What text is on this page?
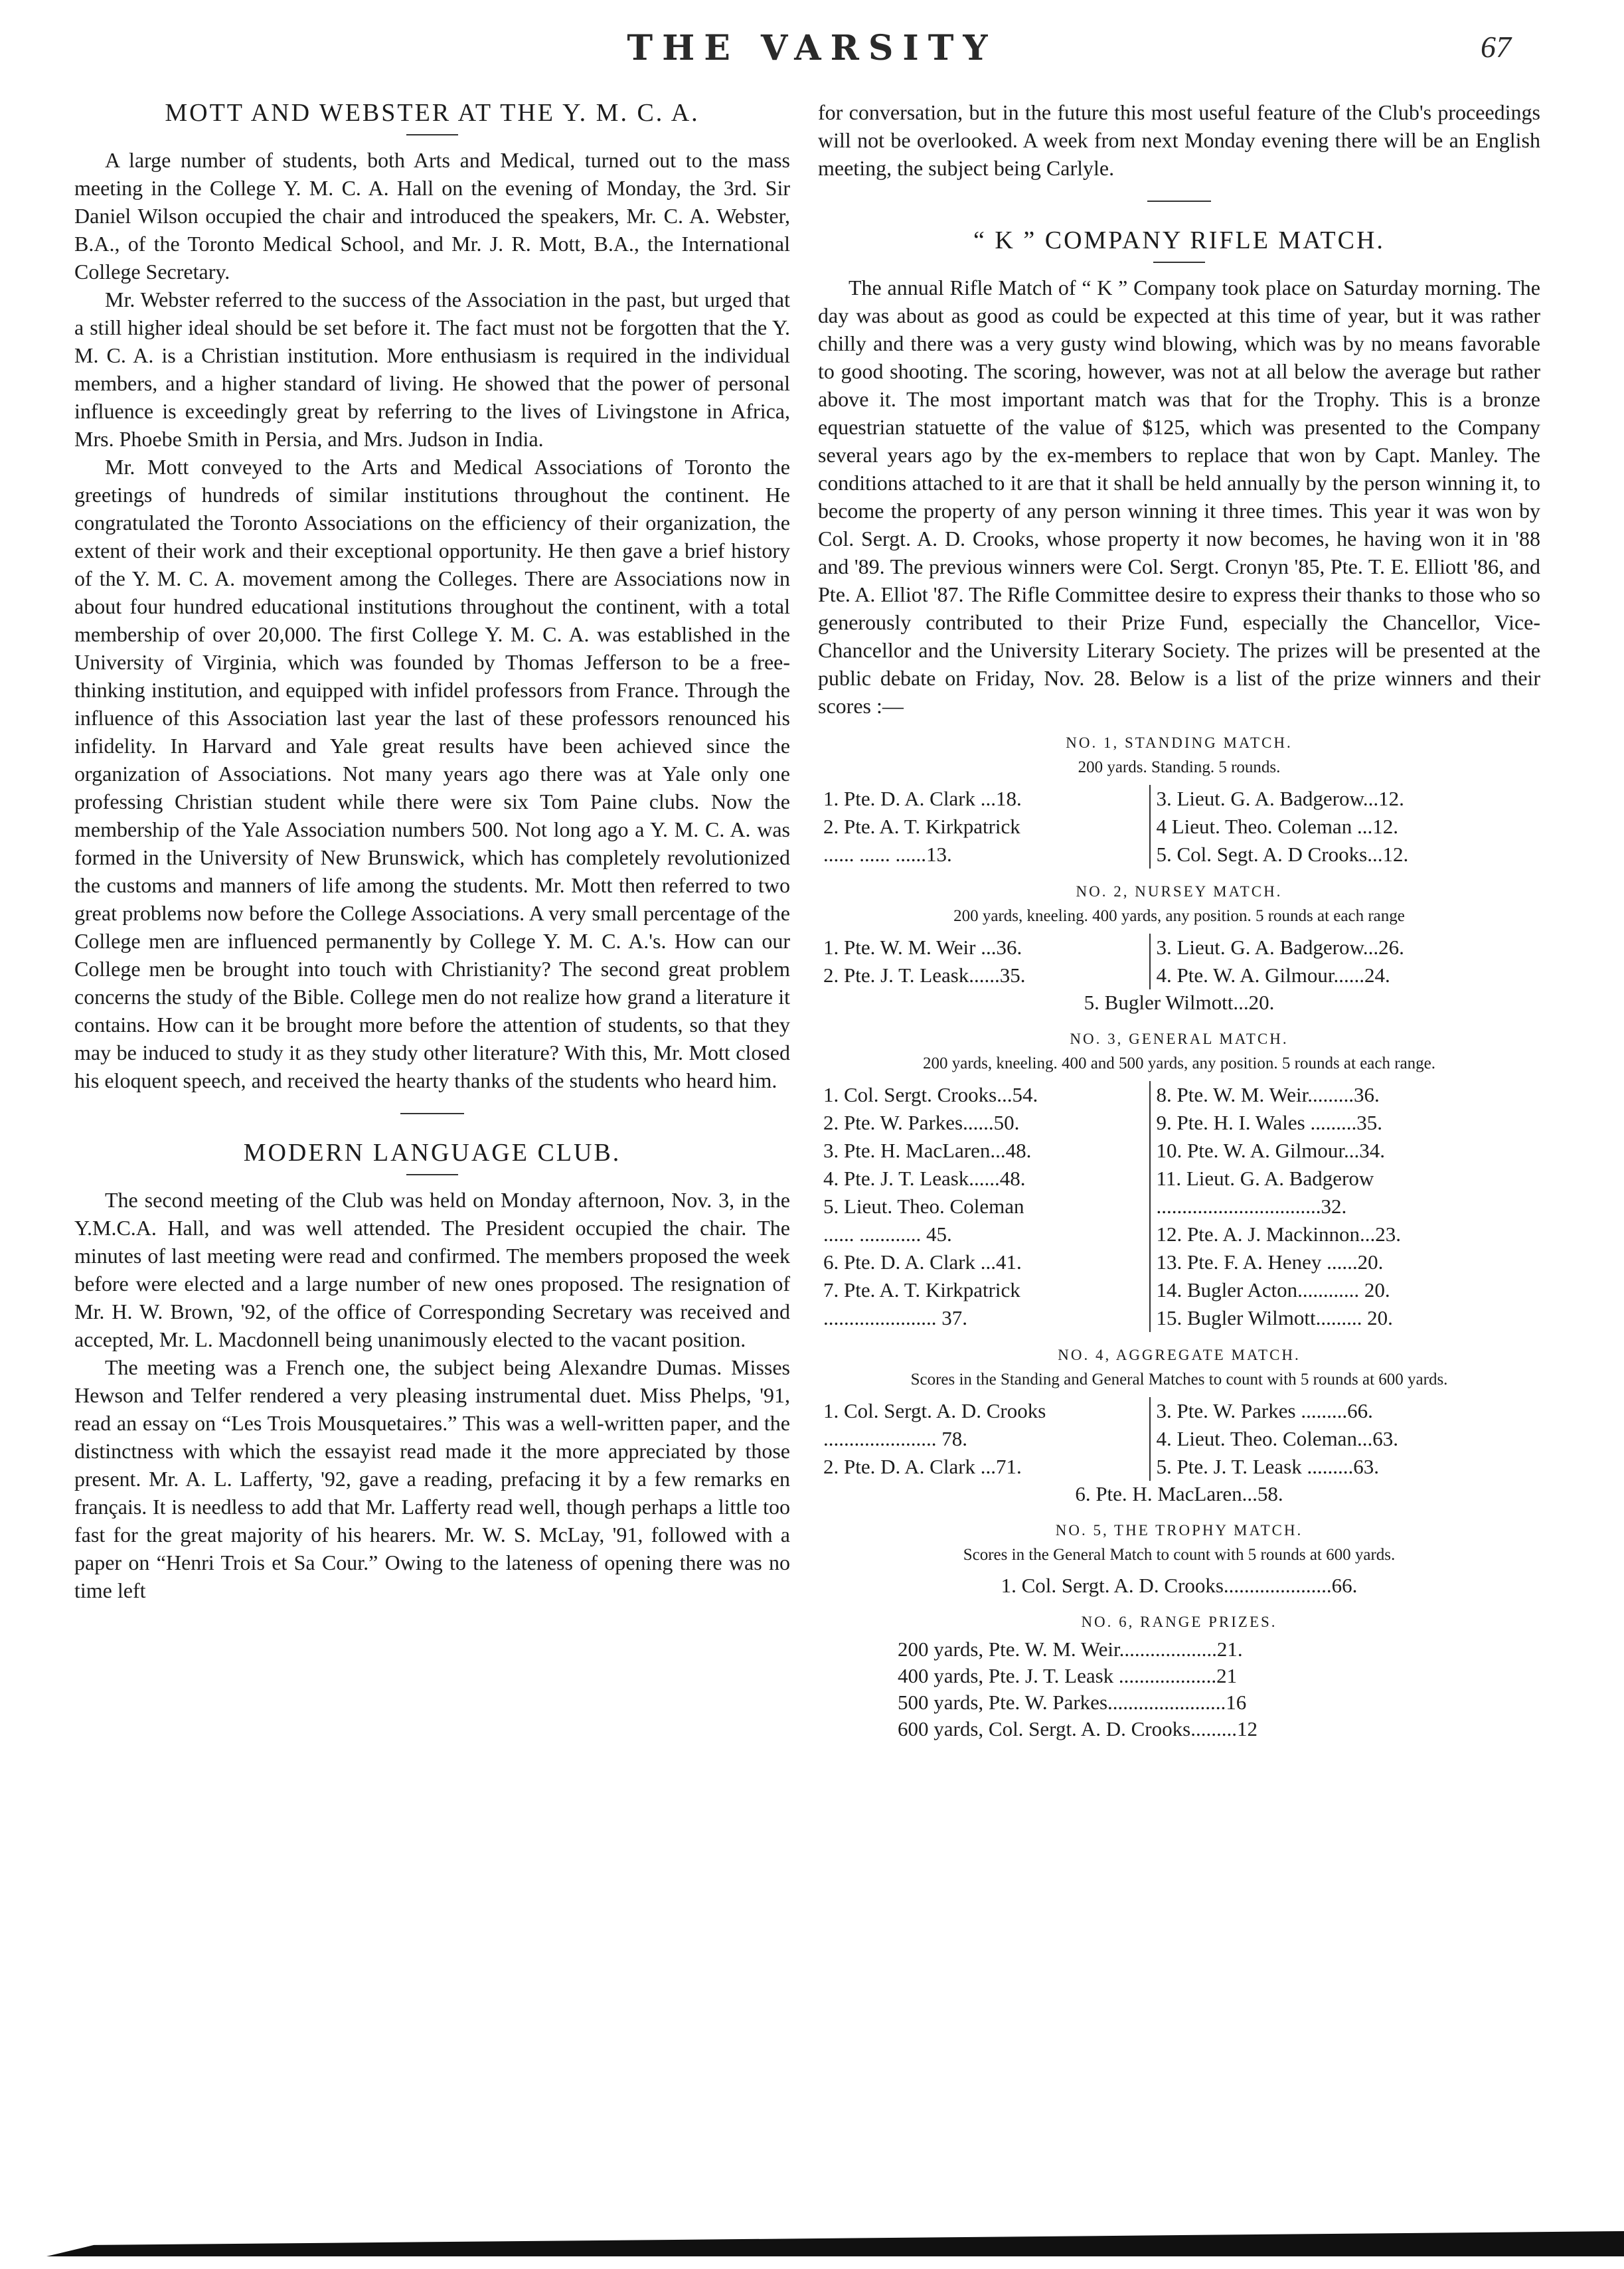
THE VARSITY	67
MOTT AND WEBSTER AT THE Y. M. C. A.

A large number of students, both Arts and Medical, turned out to the mass meeting in the College Y. M. C. A. Hall on the evening of Monday, the 3rd. Sir Daniel Wilson occupied the chair and introduced the speakers, Mr. C. A. Webster, B.A., of the Toronto Medical School, and Mr. J. R. Mott, B.A., the International College Secretary.

Mr. Webster referred to the success of the Association in the past, but urged that a still higher ideal should be set before it. The fact must not be forgotten that the Y. M. C. A. is a Christian institution. More enthusiasm is required in the individual members, and a higher standard of living. He showed that the power of personal influence is exceedingly great by referring to the lives of Livingstone in Africa, Mrs. Phoebe Smith in Persia, and Mrs. Judson in India.

Mr. Mott conveyed to the Arts and Medical Associations of Toronto the greetings of hundreds of similar institutions throughout the continent. He congratulated the Toronto Associations on the efficiency of their organization, the extent of their work and their exceptional opportunity. He then gave a brief history of the Y. M. C. A. movement among the Colleges. There are Associations now in about four hundred educational institutions throughout the continent, with a total membership of over 20,000. The first College Y. M. C. A. was established in the University of Virginia, which was founded by Thomas Jefferson to be a free-thinking institution, and equipped with infidel professors from France. Through the influence of this Association last year the last of these professors renounced his infidelity. In Harvard and Yale great results have been achieved since the organization of Associations. Not many years ago there was at Yale only one professing Christian student while there were six Tom Paine clubs. Now the membership of the Yale Association numbers 500. Not long ago a Y. M. C. A. was formed in the University of New Brunswick, which has completely revolutionized the customs and manners of life among the students. Mr. Mott then referred to two great problems now before the College Associations. A very small percentage of the College men are influenced permanently by College Y. M. C. A.'s. How can our College men be brought into touch with Christianity? The second great problem concerns the study of the Bible. College men do not realize how grand a literature it contains. How can it be brought more before the attention of students, so that they may be induced to study it as they study other literature? With this, Mr. Mott closed his eloquent speech, and received the hearty thanks of the students who heard him.

MODERN LANGUAGE CLUB.

The second meeting of the Club was held on Monday afternoon, Nov. 3, in the Y.M.C.A. Hall, and was well attended. The President occupied the chair. The minutes of last meeting were read and confirmed. The members proposed the week before were elected and a large number of new ones proposed. The resignation of Mr. H. W. Brown, '92, of the office of Corresponding Secretary was received and accepted, Mr. L. Macdonnell being unanimously elected to the vacant position.

The meeting was a French one, the subject being Alexandre Dumas. Misses Hewson and Telfer rendered a very pleasing instrumental duet. Miss Phelps, '91, read an essay on “Les Trois Mousquetaires.” This was a well-written paper, and the distinctness with which the essayist read made it the more appreciated by those present. Mr. A. L. Lafferty, '92, gave a reading, prefacing it by a few remarks en français. It is needless to add that Mr. Lafferty read well, though perhaps a little too fast for the great majority of his hearers. Mr. W. S. McLay, '91, followed with a paper on “Henri Trois et Sa Cour.” Owing to the lateness of opening there was no time left

for conversation, but in the future this most useful feature of the Club's proceedings will not be overlooked. A week from next Monday evening there will be an English meeting, the subject being Carlyle.

“ K ” COMPANY RIFLE MATCH.

The annual Rifle Match of “ K ” Company took place on Saturday morning. The day was about as good as could be expected at this time of year, but it was rather chilly and there was a very gusty wind blowing, which was by no means favorable to good shooting. The scoring, however, was not at all below the average but rather above it. The most important match was that for the Trophy. This is a bronze equestrian statuette of the value of $125, which was presented to the Company several years ago by the ex-members to replace that won by Capt. Manley. The conditions attached to it are that it shall be held annually by the person winning it, to become the property of any person winning it three times. This year it was won by Col. Sergt. A. D. Crooks, whose property it now becomes, he having won it in '88 and '89. The previous winners were Col. Sergt. Cronyn '85, Pte. T. E. Elliott '86, and Pte. A. Elliot '87. The Rifle Committee desire to express their thanks to those who so generously contributed to their Prize Fund, especially the Chancellor, Vice-Chancellor and the University Literary Society. The prizes will be presented at the public debate on Friday, Nov. 28. Below is a list of the prize winners and their scores :—

NO. 1, STANDING MATCH.
200 yards. Standing. 5 rounds.
1. Pte. D. A. Clark ...18.	3. Lieut. G. A. Badgerow...12.
2. Pte. A. T. Kirkpatrick	4 Lieut. Theo. Coleman ...12.
...... ...... ......13.	5. Col. Segt. A. D Crooks...12.
NO. 2, NURSEY MATCH.
200 yards, kneeling. 400 yards, any position. 5 rounds at each range
1. Pte. W. M. Weir ...36.	3. Lieut. G. A. Badgerow...26.
2. Pte. J. T. Leask......35.	4. Pte. W. A. Gilmour......24.
5. Bugler Wilmott...20.
NO. 3, GENERAL MATCH.
200 yards, kneeling. 400 and 500 yards, any position. 5 rounds at each range.
1. Col. Sergt. Crooks...54.	8. Pte. W. M. Weir.........36.
2. Pte. W. Parkes......50.	9. Pte. H. I. Wales .........35.
3. Pte. H. MacLaren...48.	10. Pte. W. A. Gilmour...34.
4. Pte. J. T. Leask......48.	11. Lieut. G. A. Badgerow
5. Lieut. Theo. Coleman	................................32.
...... ............ 45.	12. Pte. A. J. Mackinnon...23.
6. Pte. D. A. Clark ...41.	13. Pte. F. A. Heney ......20.
7. Pte. A. T. Kirkpatrick	14. Bugler Acton............ 20.
...................... 37.	15. Bugler Wilmott......... 20.
NO. 4, AGGREGATE MATCH.
Scores in the Standing and General Matches to count with 5 rounds at 600 yards.
1. Col. Sergt. A. D. Crooks	3. Pte. W. Parkes .........66.
...................... 78.	4. Lieut. Theo. Coleman...63.
2. Pte. D. A. Clark ...71.	5. Pte. J. T. Leask .........63.
6. Pte. H. MacLaren...58.
NO. 5, THE TROPHY MATCH.
Scores in the General Match to count with 5 rounds at 600 yards.
1. Col. Sergt. A. D. Crooks.....................66.
NO. 6, RANGE PRIZES.
200 yards, Pte. W. M. Weir...................21.
400 yards, Pte. J. T. Leask ...................21
500 yards, Pte. W. Parkes.......................16
600 yards, Col. Sergt. A. D. Crooks.........12
